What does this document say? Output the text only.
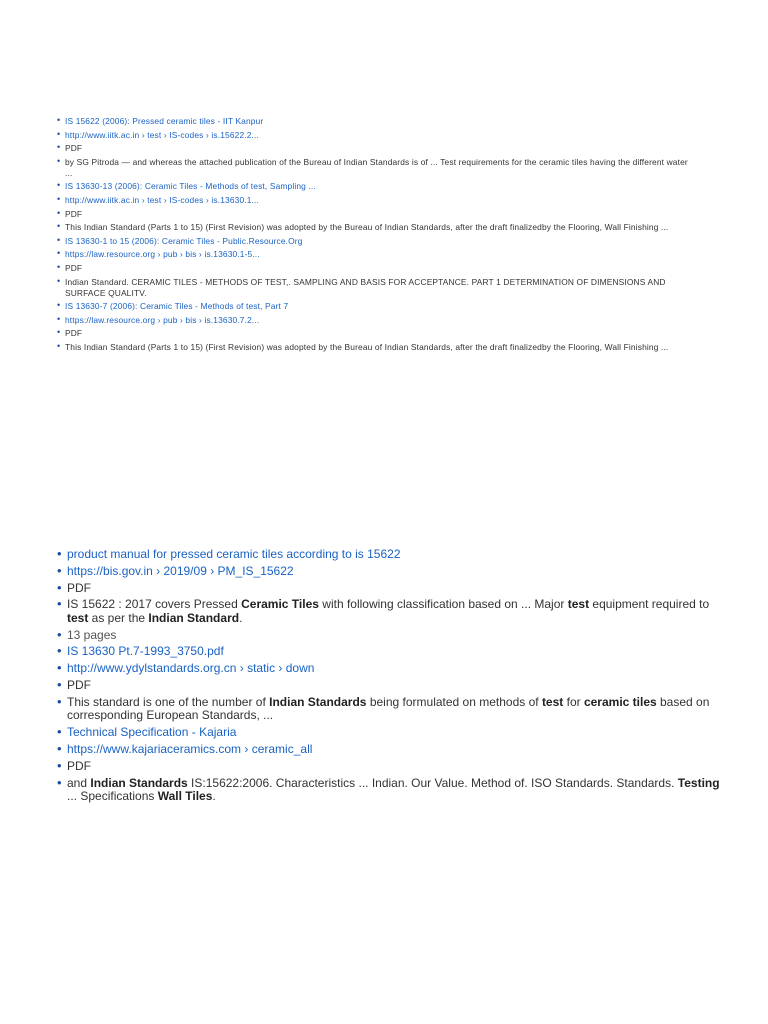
• IS 15622 (2006): Pressed ceramic tiles - IIT Kanpur
• http://www.iitk.ac.in › test › IS-codes › is.15622.2...
• PDF
• by SG Pitroda — and whereas the attached publication of the Bureau of Indian Standards is of ... Test requirements for the ceramic tiles having the different water ...
• IS 13630-13 (2006): Ceramic Tiles - Methods of test, Sampling ...
• http://www.iitk.ac.in › test › IS-codes › is.13630.1...
• PDF
• This Indian Standard (Parts 1 to 15) (First Revision) was adopted by the Bureau of Indian Standards, after the draft finalizedby the Flooring, Wall Finishing ...
• IS 13630-1 to 15 (2006): Ceramic Tiles - Public.Resource.Org
• https://law.resource.org › pub › bis › is.13630.1-5...
• PDF
• Indian Standard. CERAMIC TILES - METHODS OF TEST,. SAMPLING AND BASIS FOR ACCEPTANCE. PART 1 DETERMINATION OF DIMENSIONS AND SURFACE QUALITV.
• IS 13630-7 (2006): Ceramic Tiles - Methods of test, Part 7
• https://law.resource.org › pub › bis › is.13630.7.2...
• PDF
• This Indian Standard (Parts 1 to 15) (First Revision) was adopted by the Bureau of Indian Standards, after the draft finalizedby the Flooring, Wall Finishing ...
• product manual for pressed ceramic tiles according to is 15622
• https://bis.gov.in › 2019/09 › PM_IS_15622
• PDF
• IS 15622 : 2017 covers Pressed Ceramic Tiles with following classification based on ... Major test equipment required to test as per the Indian Standard.
• 13 pages
• IS 13630 Pt.7-1993_3750.pdf
• http://www.ydylstandards.org.cn › static › down
• PDF
• This standard is one of the number of Indian Standards being formulated on methods of test for ceramic tiles based on corresponding European Standards, ...
• Technical Specification - Kajaria
• https://www.kajariaceramics.com › ceramic_all
• PDF
• and Indian Standards IS:15622:2006. Characteristics ... Indian. Our Value. Method of. ISO Standards. Standards. Testing ... Specifications Wall Tiles.
